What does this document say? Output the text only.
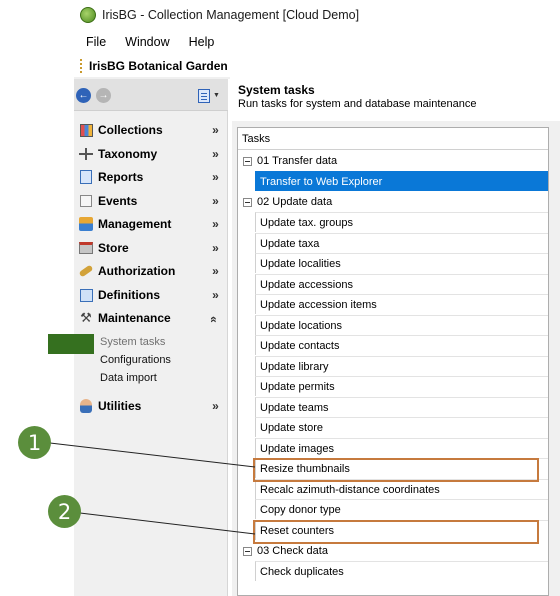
IrisBG - Collection Management [Cloud Demo]
File Window Help
IrisBG Botanical Garden
← →	▼
Collections	»
Taxonomy	»
Reports	»
Events	»
Management	»
Store	»
Authorization	»
Definitions	»
⚒ Maintenance	«
System tasks
Configurations
Data import
Utilities	»
System tasks
Run tasks for system and database maintenance
Tasks
01 Transfer data
Transfer to Web Explorer
02 Update data
Update tax. groups
Update taxa
Update localities
Update accessions
Update accession items
Update locations
Update contacts
Update library
Update permits
Update teams
Update store
Update images
Resize thumbnails
Recalc azimuth-distance coordinates
Copy donor type
Reset counters
03 Check data
Check duplicates
1
2
